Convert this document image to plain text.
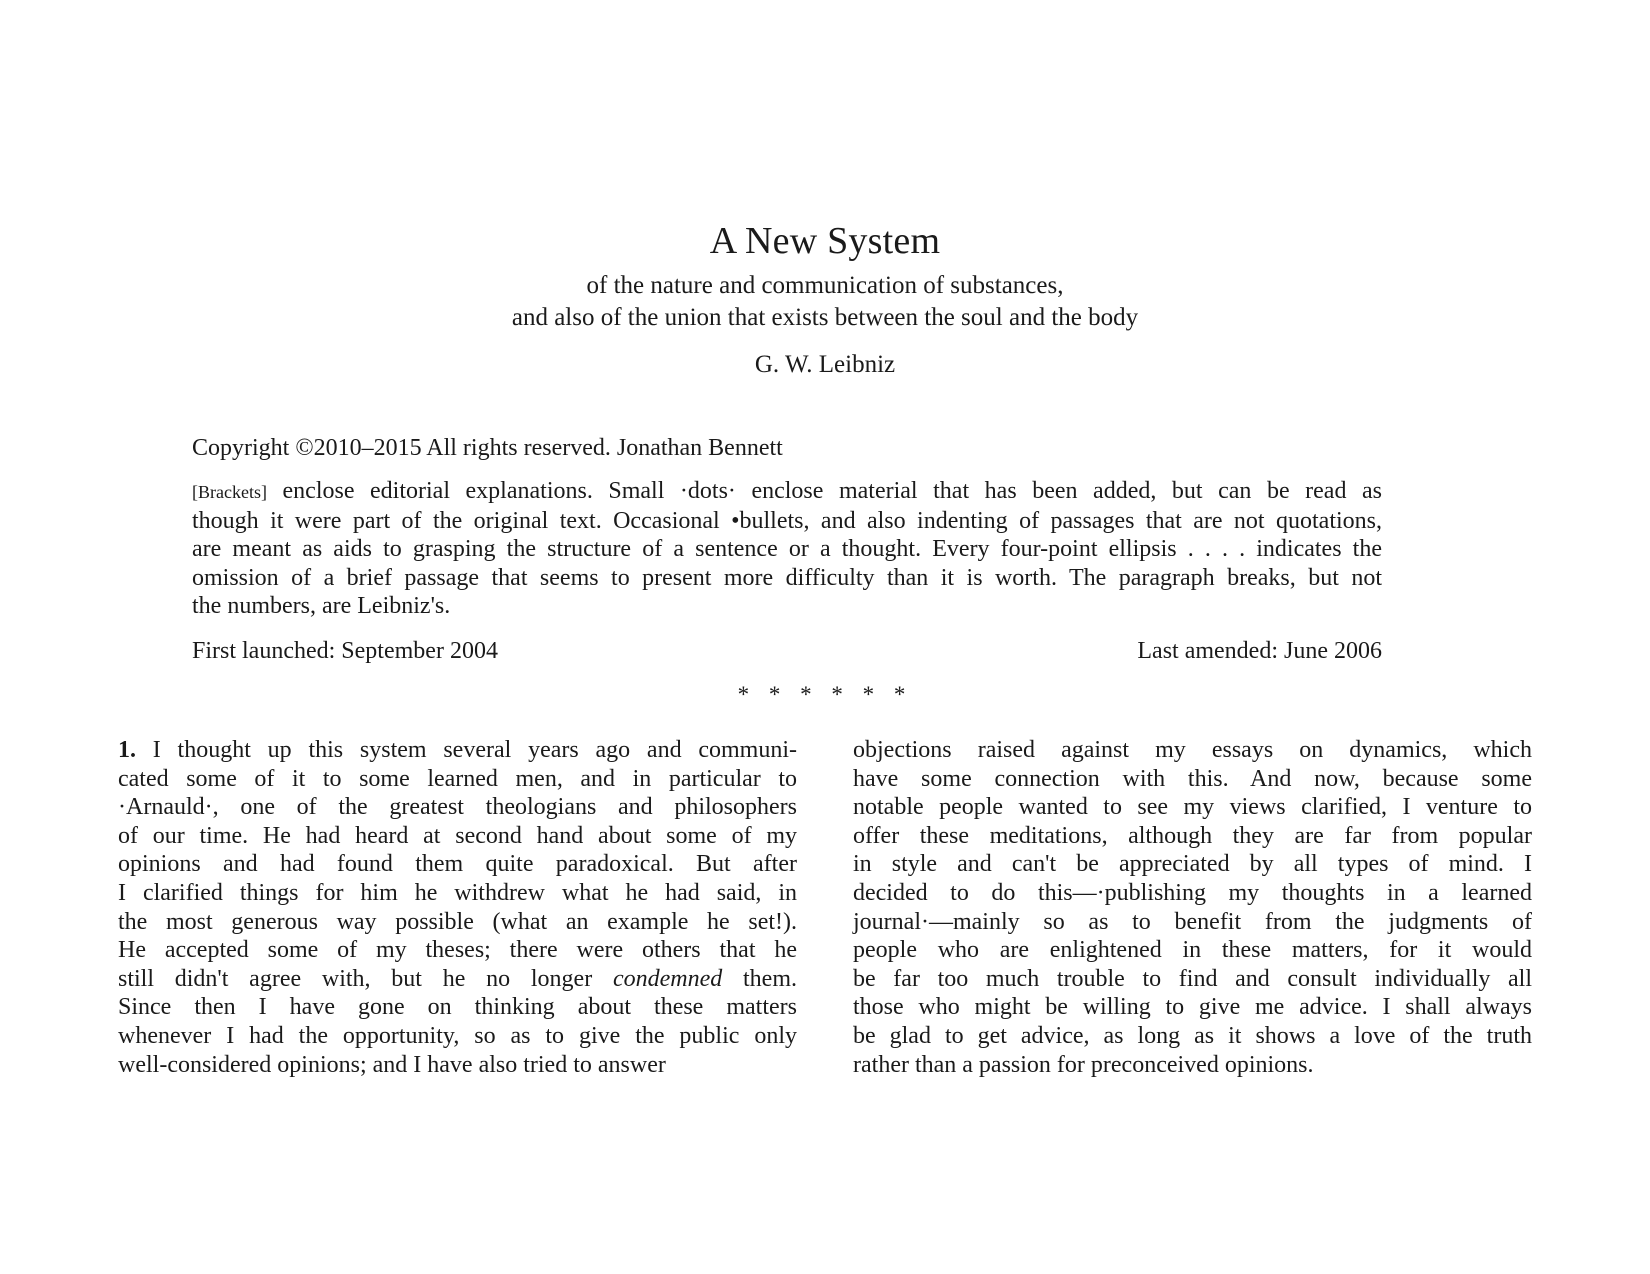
A New System
of the nature and communication of substances,
and also of the union that exists between the soul and the body
G. W. Leibniz
Copyright ©2010–2015 All rights reserved. Jonathan Bennett
[Brackets] enclose editorial explanations. Small ·dots· enclose material that has been added, but can be read as
though it were part of the original text. Occasional •bullets, and also indenting of passages that are not quotations,
are meant as aids to grasping the structure of a sentence or a thought. Every four-point ellipsis . . . . indicates the
omission of a brief passage that seems to present more difficulty than it is worth. The paragraph breaks, but not
the numbers, are Leibniz's.
First launched: September 2004	Last amended: June 2006
* * * * * *
1. I thought up this system several years ago and communi-
cated some of it to some learned men, and in particular to
·Arnauld·, one of the greatest theologians and philosophers
of our time. He had heard at second hand about some of my
opinions and had found them quite paradoxical. But after
I clarified things for him he withdrew what he had said, in
the most generous way possible (what an example he set!).
He accepted some of my theses; there were others that he
still didn't agree with, but he no longer condemned them.
Since then I have gone on thinking about these matters
whenever I had the opportunity, so as to give the public only
well-considered opinions; and I have also tried to answer
objections raised against my essays on dynamics, which
have some connection with this. And now, because some
notable people wanted to see my views clarified, I venture to
offer these meditations, although they are far from popular
in style and can't be appreciated by all types of mind. I
decided to do this—·publishing my thoughts in a learned
journal·—mainly so as to benefit from the judgments of
people who are enlightened in these matters, for it would
be far too much trouble to find and consult individually all
those who might be willing to give me advice. I shall always
be glad to get advice, as long as it shows a love of the truth
rather than a passion for preconceived opinions.
